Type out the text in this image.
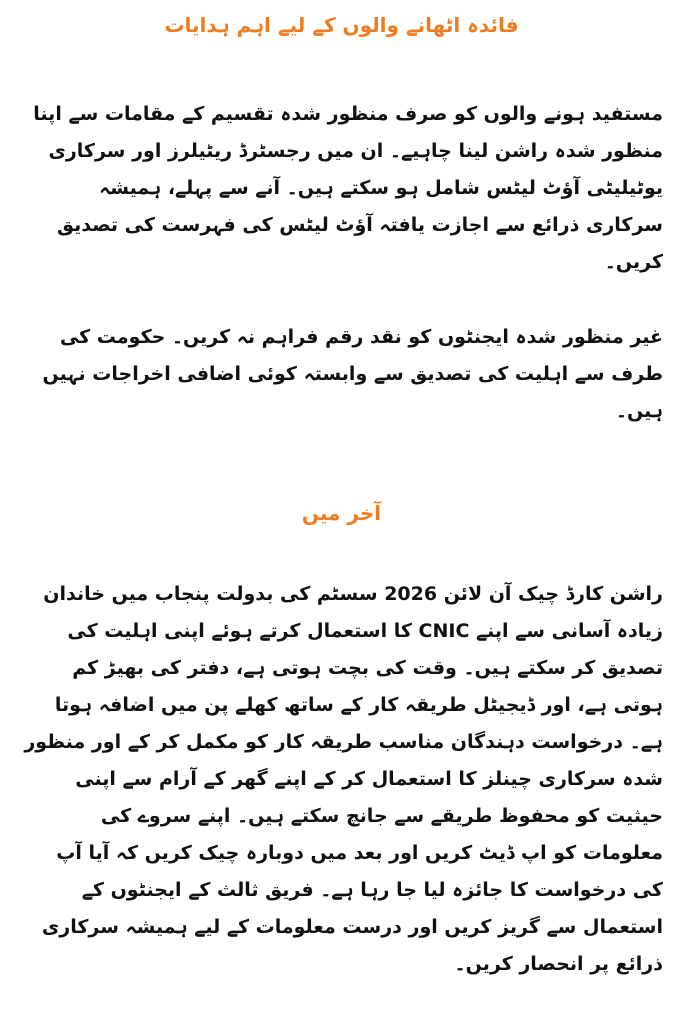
فائدہ اٹھانے والوں کے لیے اہم ہدایات

مستفید ہونے والوں کو صرف منظور شدہ تقسیم کے مقامات سے اپنا منظور شدہ راشن لینا چاہیے۔ ان میں رجسٹرڈ ریٹیلرز اور سرکاری یوٹیلیٹی آؤٹ لیٹس شامل ہو سکتے ہیں۔ آنے سے پہلے، ہمیشہ سرکاری ذرائع سے اجازت یافتہ آؤٹ لیٹس کی فہرست کی تصدیق کریں۔

غیر منظور شدہ ایجنٹوں کو نقد رقم فراہم نہ کریں۔ حکومت کی طرف سے اہلیت کی تصدیق سے وابستہ کوئی اضافی اخراجات نہیں ہیں۔

آخر میں

راشن کارڈ چیک آن لائن 2026 سسٹم کی بدولت پنجاب میں خاندان زیادہ آسانی سے اپنے CNIC کا استعمال کرتے ہوئے اپنی اہلیت کی تصدیق کر سکتے ہیں۔ وقت کی بچت ہوتی ہے، دفتر کی بھیڑ کم ہوتی ہے، اور ڈیجیٹل طریقہ کار کے ساتھ کھلے پن میں اضافہ ہوتا ہے۔ درخواست دہندگان مناسب طریقہ کار کو مکمل کر کے اور منظور شدہ سرکاری چینلز کا استعمال کر کے اپنے گھر کے آرام سے اپنی حیثیت کو محفوظ طریقے سے جانچ سکتے ہیں۔ اپنے سروے کی معلومات کو اپ ڈیٹ کریں اور بعد میں دوبارہ چیک کریں کہ آیا آپ کی درخواست کا جائزہ لیا جا رہا ہے۔ فریق ثالث کے ایجنٹوں کے استعمال سے گریز کریں اور درست معلومات کے لیے ہمیشہ سرکاری ذرائع پر انحصار کریں۔
